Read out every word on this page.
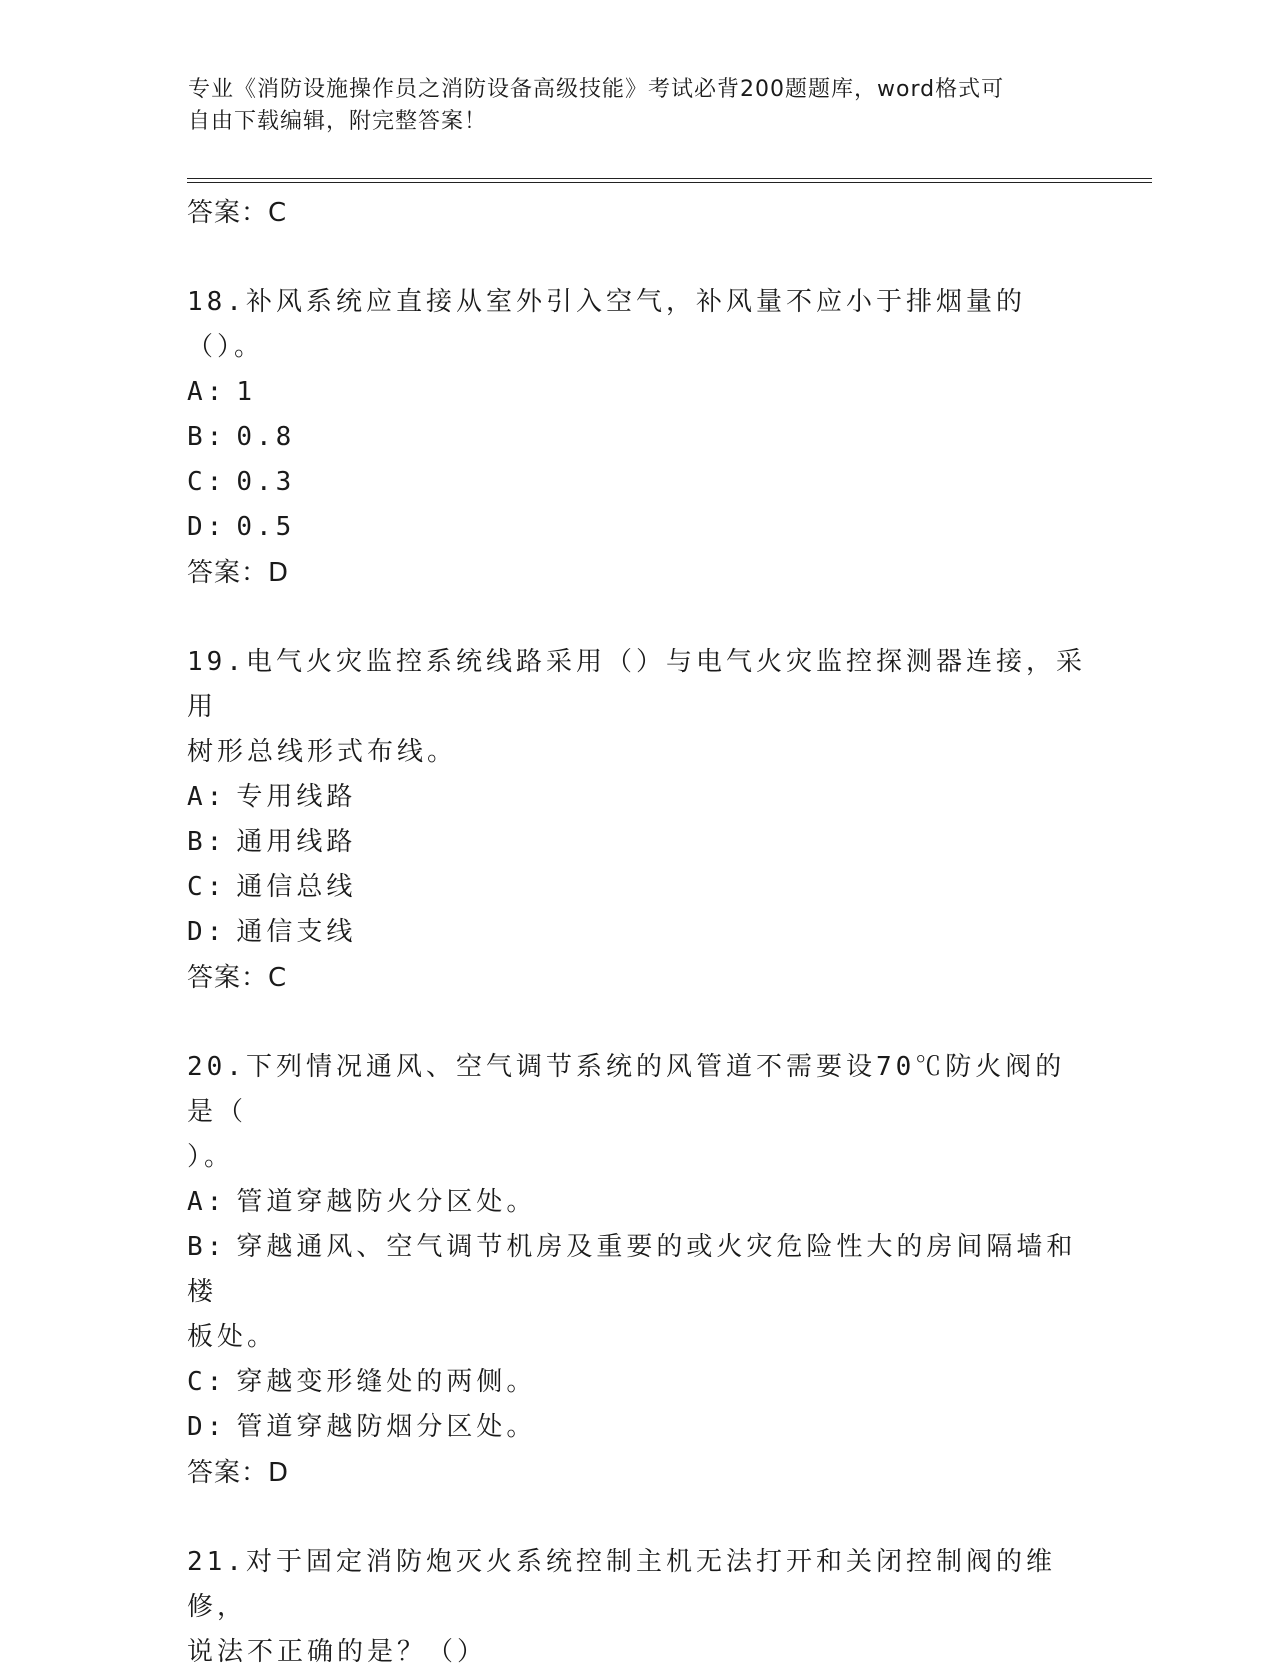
专业《消防设施操作员之消防设备高级技能》考试必背200题题库，word格式可
自由下载编辑，附完整答案！
答案：C
18.补风系统应直接从室外引入空气，补风量不应小于排烟量的（）。
A: 1
B: 0.8
C: 0.3
D: 0.5
答案：D
19.电气火灾监控系统线路采用（）与电气火灾监控探测器连接，采用
树形总线形式布线。
A: 专用线路
B: 通用线路
C: 通信总线
D: 通信支线
答案：C
20.下列情况通风、空气调节系统的风管道不需要设70℃防火阀的是（
）。
A: 管道穿越防火分区处。
B: 穿越通风、空气调节机房及重要的或火灾危险性大的房间隔墙和楼
板处。
C: 穿越变形缝处的两侧。
D: 管道穿越防烟分区处。
答案：D
21.对于固定消防炮灭火系统控制主机无法打开和关闭控制阀的维修，
说法不正确的是？（）
